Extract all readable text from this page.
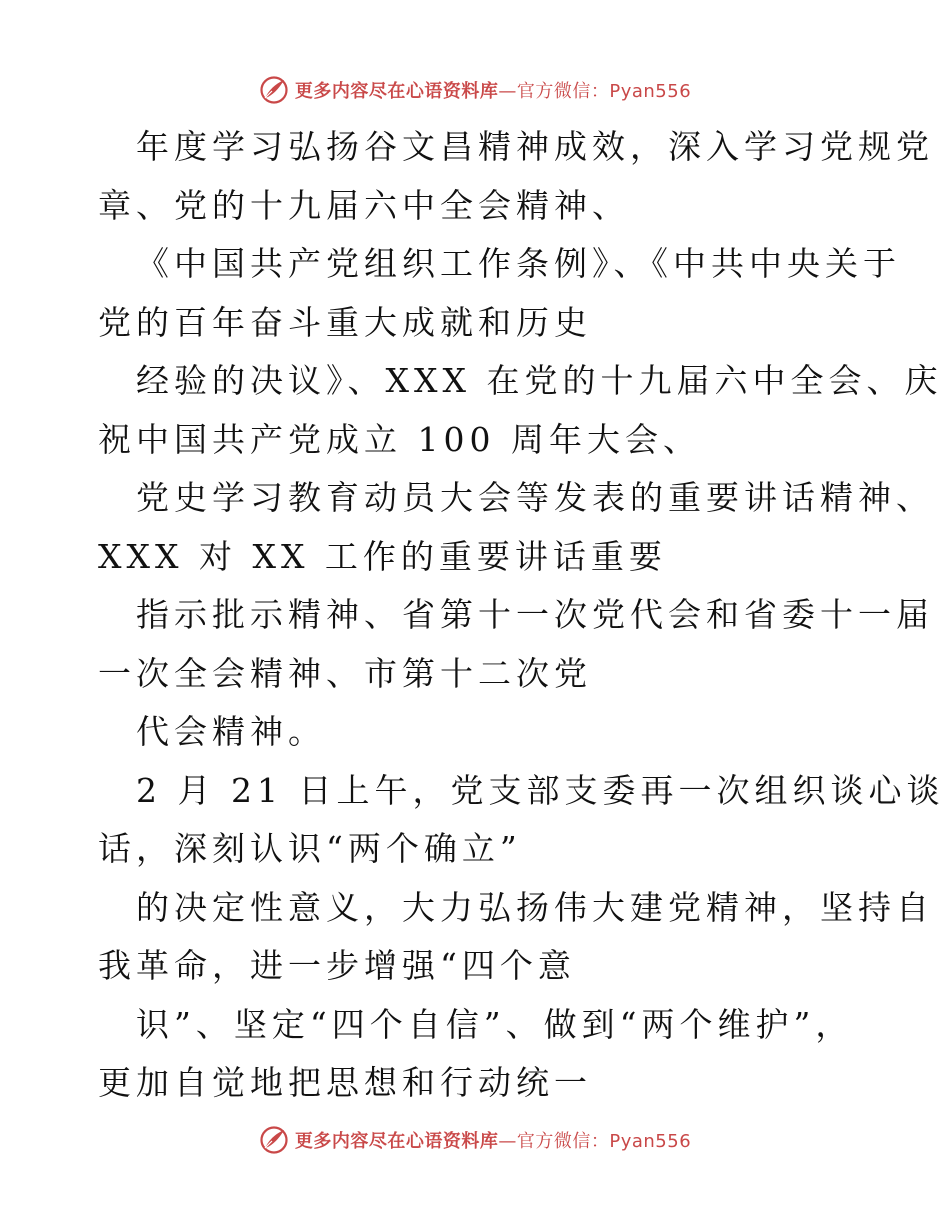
更多内容尽在心语资料库—官方微信：Pyan556
年度学习弘扬谷文昌精神成效，深入学习党规党
章、党的十九届六中全会精神、
《中国共产党组织工作条例》、《中共中央关于
党的百年奋斗重大成就和历史
经验的决议》、XXX 在党的十九届六中全会、庆
祝中国共产党成立 100 周年大会、
党史学习教育动员大会等发表的重要讲话精神、
XXX 对 XX 工作的重要讲话重要
指示批示精神、省第十一次党代会和省委十一届
一次全会精神、市第十二次党
代会精神。
2 月 21 日上午，党支部支委再一次组织谈心谈
话，深刻认识“两个确立”
的决定性意义，大力弘扬伟大建党精神，坚持自
我革命，进一步增强“四个意
识”、坚定“四个自信”、做到“两个维护”，
更加自觉地把思想和行动统一
更多内容尽在心语资料库—官方微信：Pyan556
